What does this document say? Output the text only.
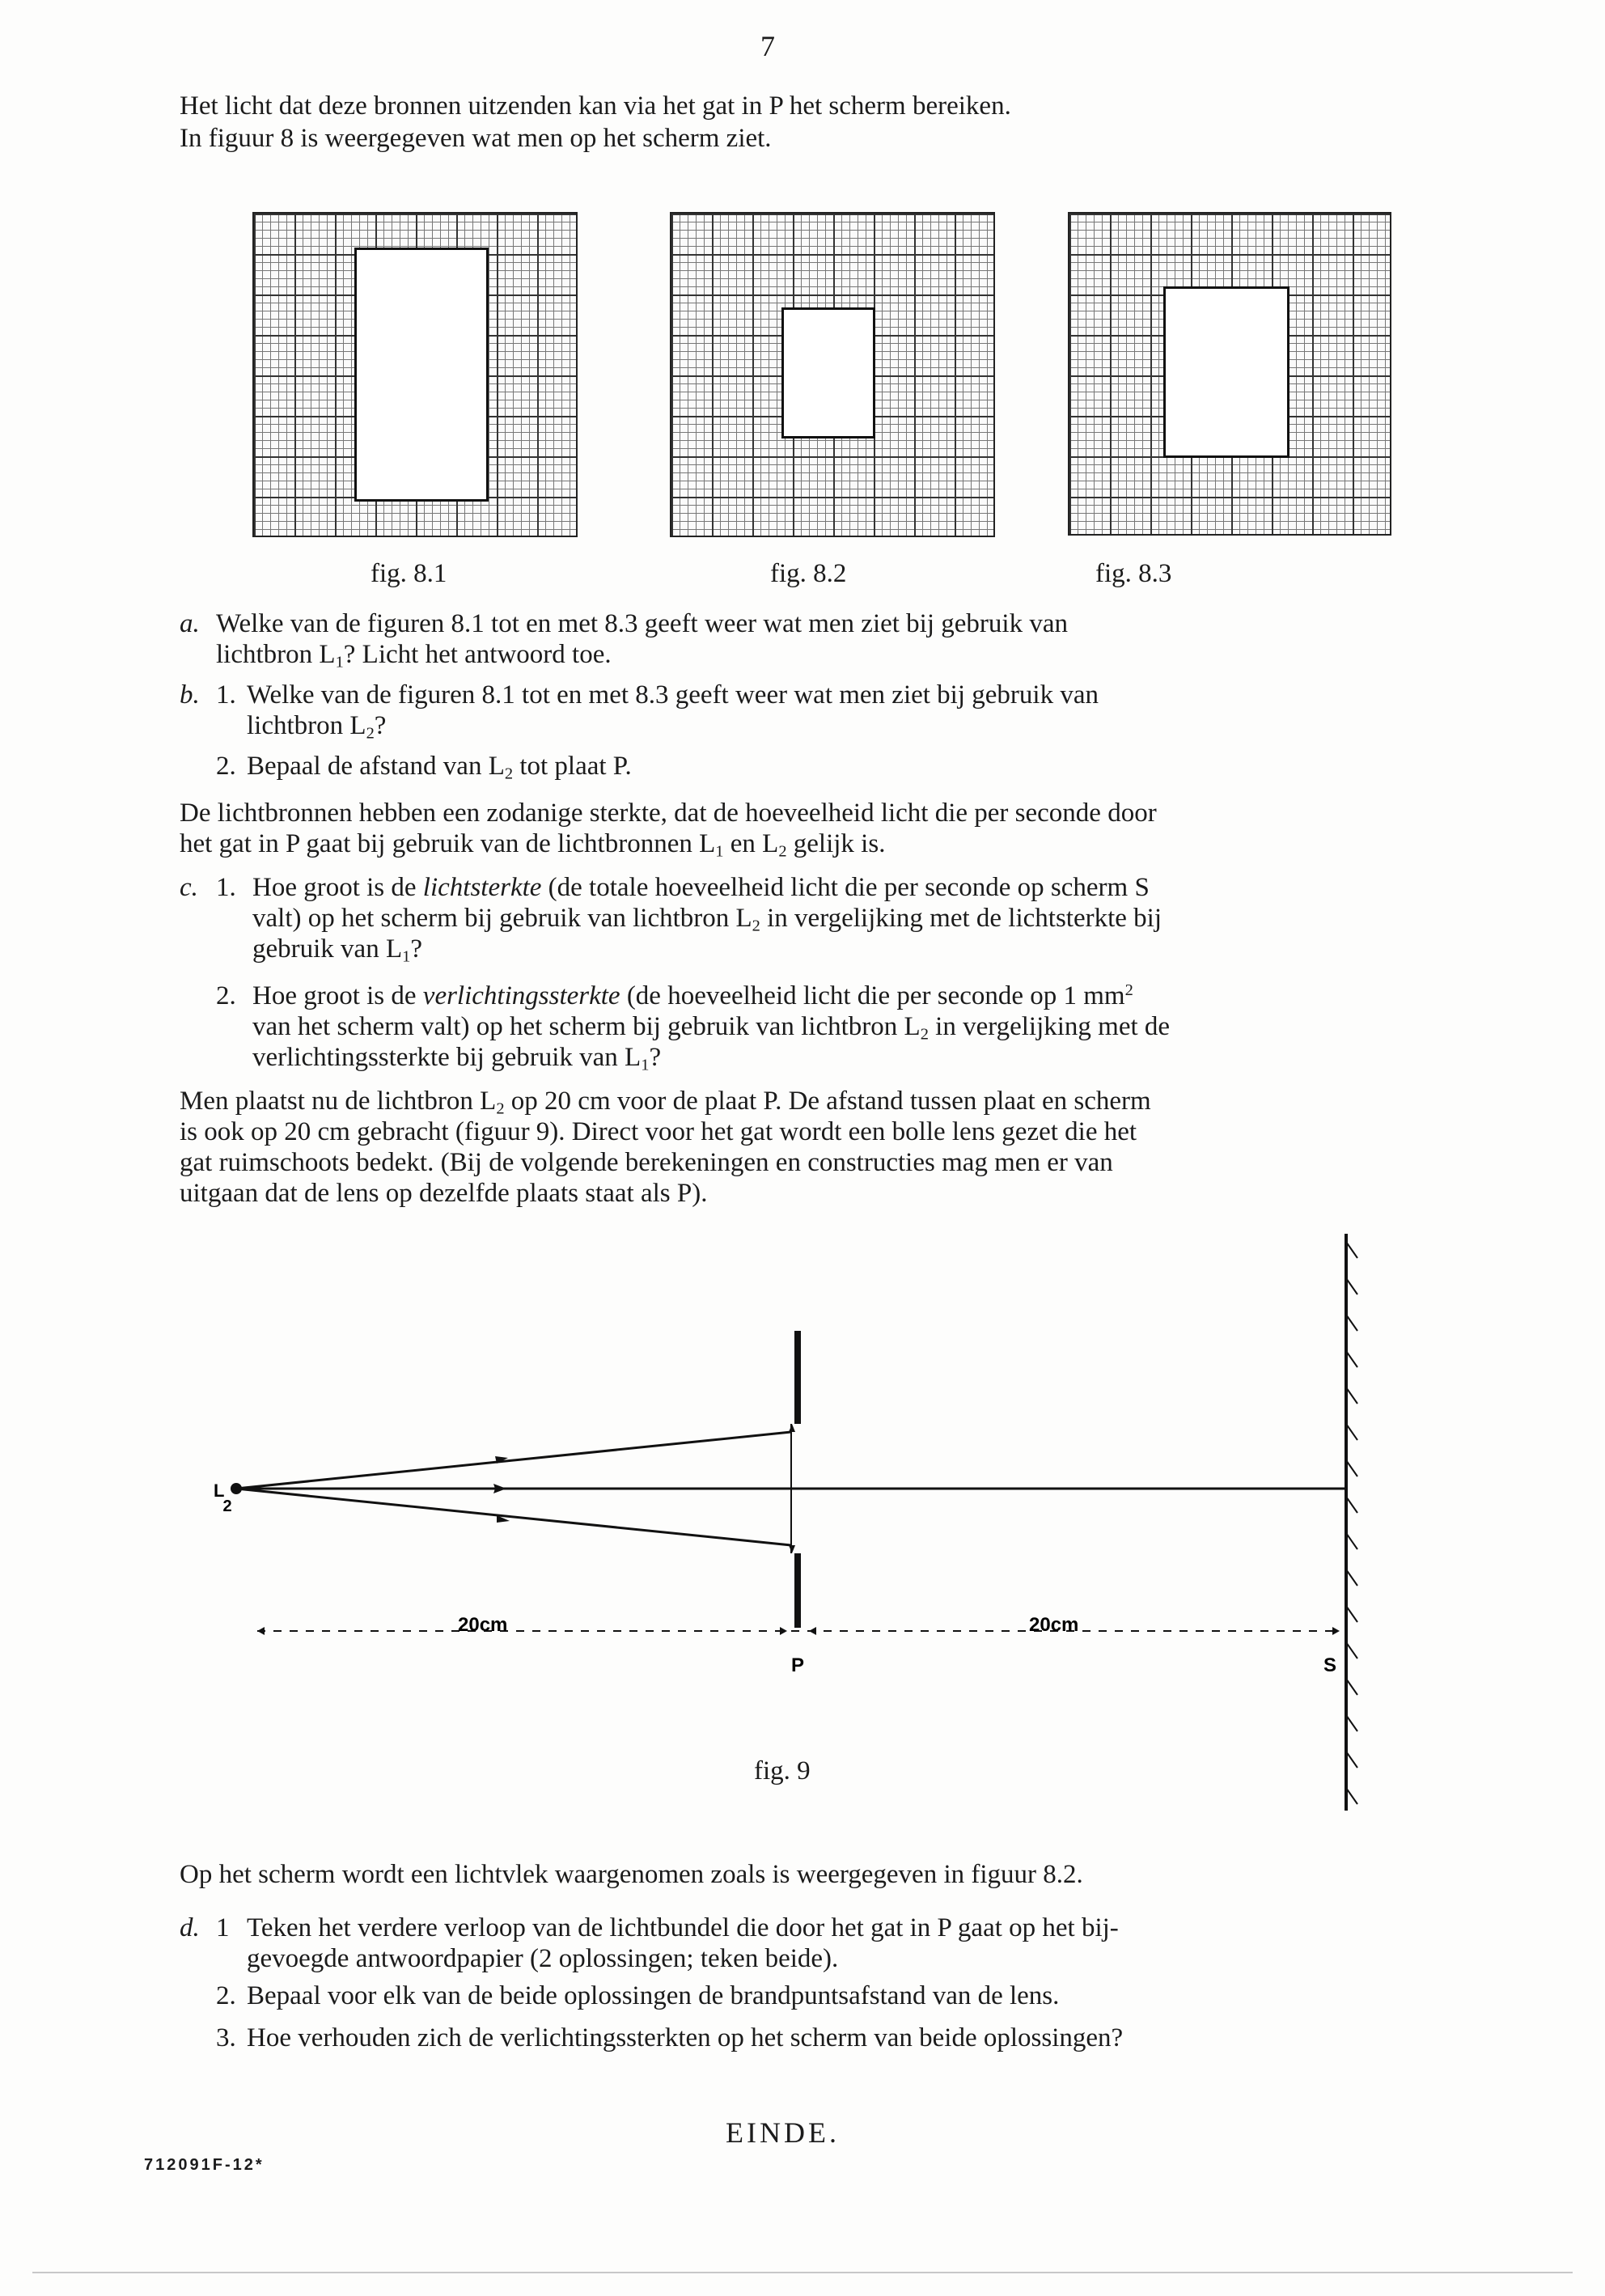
7
Het licht dat deze bronnen uitzenden kan via het gat in P het scherm bereiken.
In figuur 8 is weergegeven wat men op het scherm ziet.
fig. 8.1	fig. 8.2	fig. 8.3
a. Welke van de figuren 8.1 tot en met 8.3 geeft weer wat men ziet bij gebruik van
lichtbron $L_1$? Licht het antwoord toe.
b. 1. Welke van de figuren 8.1 tot en met 8.3 geeft weer wat men ziet bij gebruik van
lichtbron $L_2$?
2. Bepaal de afstand van $L_2$ tot plaat P.
De lichtbronnen hebben een zodanige sterkte, dat de hoeveelheid licht die per seconde door
het gat in P gaat bij gebruik van de lichtbronnen $L_1$ en $L_2$ gelijk is.
c. 1. Hoe groot is de lichtsterkte (de totale hoeveelheid licht die per seconde op scherm S
valt) op het scherm bij gebruik van lichtbron $L_2$ in vergelijking met de lichtsterkte bij
gebruik van $L_1$?
2. Hoe groot is de verlichtingssterkte (de hoeveelheid licht die per seconde op 1 $mm^2$
van het scherm valt) op het scherm bij gebruik van lichtbron $L_2$ in vergelijking met de
verlichtingssterkte bij gebruik van $L_1$?
Men plaatst nu de lichtbron $L_2$ op 20 cm voor de plaat P. De afstand tussen plaat en scherm
is ook op 20 cm gebracht (figuur 9). Direct voor het gat wordt een bolle lens gezet die het
gat ruimschoots bedekt. (Bij de volgende berekeningen en constructies mag men er van
uitgaan dat de lens op dezelfde plaats staat als P).
L 2
20cm	20cm
P	S
fig. 9
Op het scherm wordt een lichtvlek waargenomen zoals is weergegeven in figuur 8.2.
d. 1 Teken het verdere verloop van de lichtbundel die door het gat in P gaat op het bij-
gevoegde antwoordpapier (2 oplossingen; teken beide).
2. Bepaal voor elk van de beide oplossingen de brandpuntsafstand van de lens.
3. Hoe verhouden zich de verlichtingssterkten op het scherm van beide oplossingen?
EINDE.
712091F-12*
